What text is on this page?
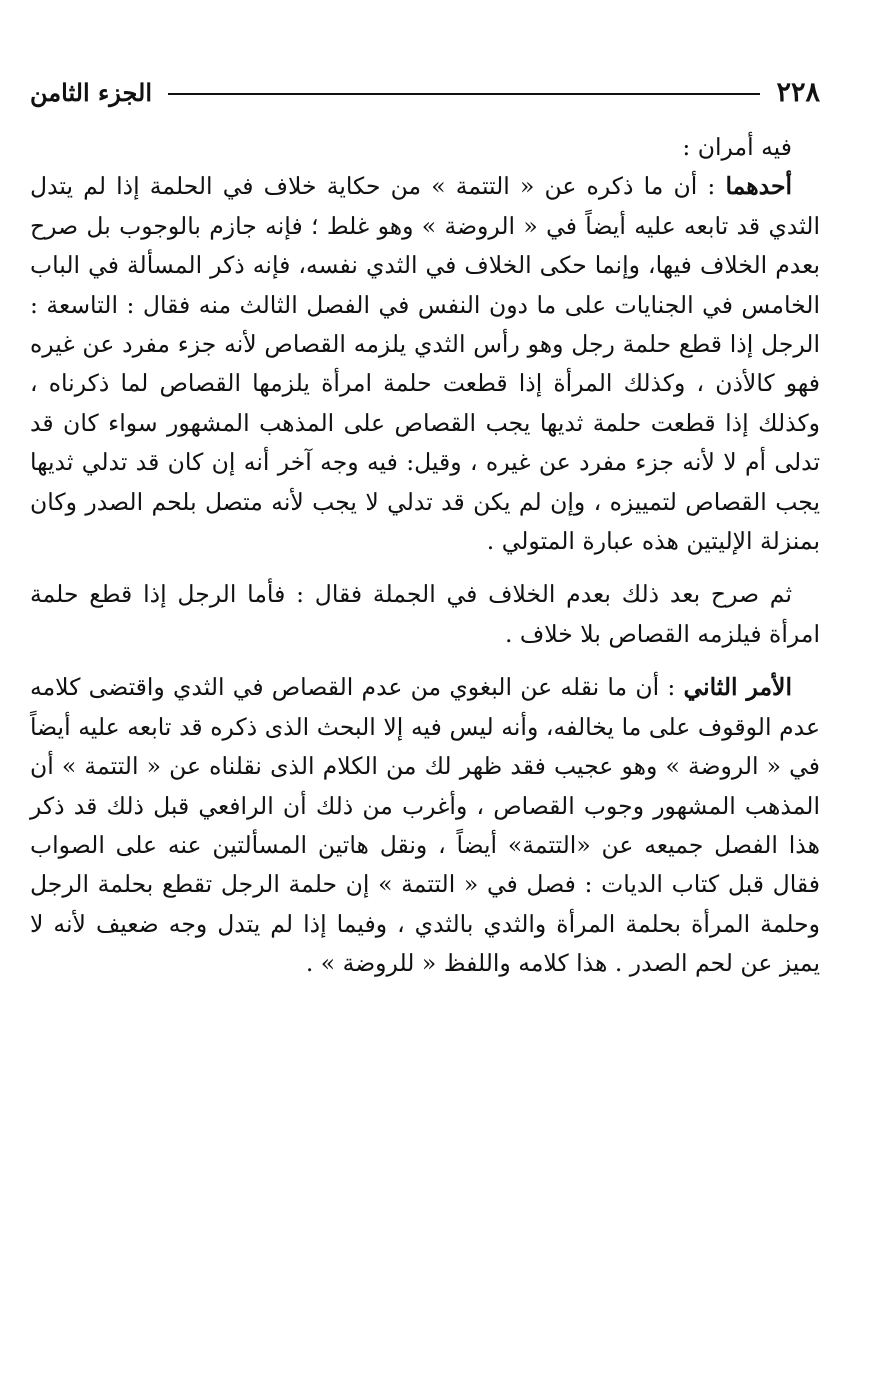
٢٢٨
الجزء الثامن

فيه أمران :

أحدهما : أن ما ذكره عن « التتمة » من حكاية خلاف في الحلمة إذا لم يتدل الثدي قد تابعه عليه أيضاً في « الروضة » وهو غلط ؛ فإنه جازم بالوجوب بل صرح بعدم الخلاف فيها، وإنما حكى الخلاف في الثدي نفسه، فإنه ذكر المسألة في الباب الخامس في الجنايات على ما دون النفس في الفصل الثالث منه فقال : التاسعة : الرجل إذا قطع حلمة رجل وهو رأس الثدي يلزمه القصاص لأنه جزء مفرد عن غيره فهو كالأذن ، وكذلك المرأة إذا قطعت حلمة امرأة يلزمها القصاص لما ذكرناه ، وكذلك إذا قطعت حلمة ثديها يجب القصاص على المذهب المشهور سواء كان قد تدلى أم لا لأنه جزء مفرد عن غيره ، وقيل: فيه وجه آخر أنه إن كان قد تدلي ثديها يجب القصاص لتمييزه ، وإن لم يكن قد تدلي لا يجب لأنه متصل بلحم الصدر وكان بمنزلة الإليتين هذه عبارة المتولي .

ثم صرح بعد ذلك بعدم الخلاف في الجملة فقال : فأما الرجل إذا قطع حلمة امرأة فيلزمه القصاص بلا خلاف .

الأمر الثاني : أن ما نقله عن البغوي من عدم القصاص في الثدي واقتضى كلامه عدم الوقوف على ما يخالفه، وأنه ليس فيه إلا البحث الذى ذكره قد تابعه عليه أيضاً في « الروضة » وهو عجيب فقد ظهر لك من الكلام الذى نقلناه عن « التتمة » أن المذهب المشهور وجوب القصاص ، وأغرب من ذلك أن الرافعي قبل ذلك قد ذكر هذا الفصل جميعه عن «التتمة» أيضاً ، ونقل هاتين المسألتين عنه على الصواب فقال قبل كتاب الديات : فصل في « التتمة » إن حلمة الرجل تقطع بحلمة الرجل وحلمة المرأة بحلمة المرأة والثدي بالثدي ، وفيما إذا لم يتدل وجه ضعيف لأنه لا يميز عن لحم الصدر . هذا كلامه واللفظ « للروضة » .
